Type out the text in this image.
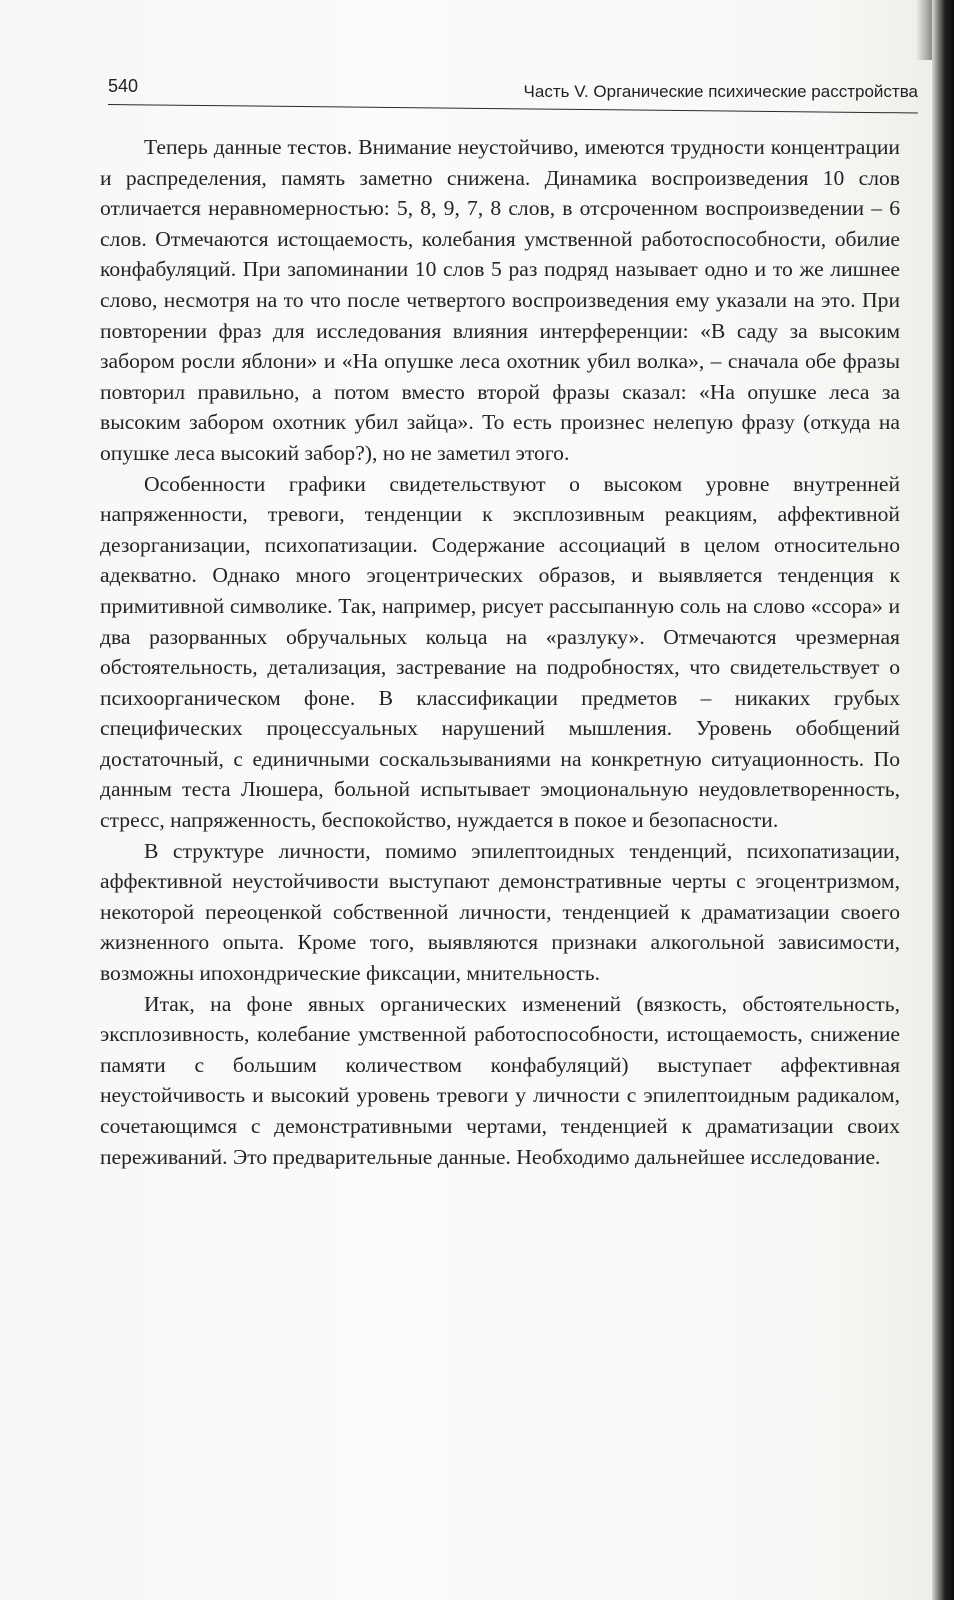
540	Часть V. Органические психические расстройства

Теперь данные тестов. Внимание неустойчиво, имеются трудности концентрации и распределения, память заметно снижена. Динамика воспроизведения 10 слов отличается неравномерностью: 5, 8, 9, 7, 8 слов, в отсроченном воспроизведении – 6 слов. Отмечаются истощаемость, колебания умственной работоспособности, обилие конфабуляций. При запоминании 10 слов 5 раз подряд называет одно и то же лишнее слово, несмотря на то что после четвертого воспроизведения ему указали на это. При повторении фраз для исследования влияния интерференции: «В саду за высоким забором росли яблони» и «На опушке леса охотник убил волка», – сначала обе фразы повторил правильно, а потом вместо второй фразы сказал: «На опушке леса за высоким забором охотник убил зайца». То есть произнес нелепую фразу (откуда на опушке леса высокий забор?), но не заметил этого.

Особенности графики свидетельствуют о высоком уровне внутренней напряженности, тревоги, тенденции к эксплозивным реакциям, аффективной дезорганизации, психопатизации. Содержание ассоциаций в целом относительно адекватно. Однако много эгоцентрических образов, и выявляется тенденция к примитивной символике. Так, например, рисует рассыпанную соль на слово «ссора» и два разорванных обручальных кольца на «разлуку». Отмечаются чрезмерная обстоятельность, детализация, застревание на подробностях, что свидетельствует о психоорганическом фоне. В классификации предметов – никаких грубых специфических процессуальных нарушений мышления. Уровень обобщений достаточный, с единичными соскальзываниями на конкретную ситуационность. По данным теста Люшера, больной испытывает эмоциональную неудовлетворенность, стресс, напряженность, беспокойство, нуждается в покое и безопасности.

В структуре личности, помимо эпилептоидных тенденций, психопатизации, аффективной неустойчивости выступают демонстративные черты с эгоцентризмом, некоторой переоценкой собственной личности, тенденцией к драматизации своего жизненного опыта. Кроме того, выявляются признаки алкогольной зависимости, возможны ипохондрические фиксации, мнительность.

Итак, на фоне явных органических изменений (вязкость, обстоятельность, эксплозивность, колебание умственной работоспособности, истощаемость, снижение памяти с большим количеством конфабуляций) выступает аффективная неустойчивость и высокий уровень тревоги у личности с эпилептоидным радикалом, сочетающимся с демонстративными чертами, тенденцией к драматизации своих переживаний. Это предварительные данные. Необходимо дальнейшее исследование.
